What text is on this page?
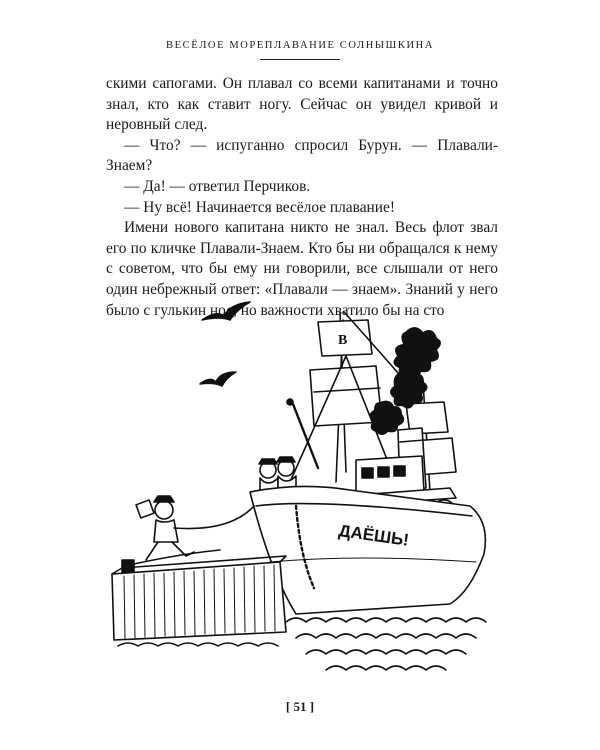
ВЕСЁЛОЕ МОРЕПЛАВАНИЕ СОЛНЫШКИНА

скими сапогами. Он плавал со всеми капитанами и точно знал, кто как ставит ногу. Сейчас он увидел кривой и неровный след.

— Что? — испуганно спросил Бурун. — Плавали-Знаем?

— Да! — ответил Перчиков.

— Ну всё! Начинается весёлое плавание!

Имени нового капитана никто не знал. Весь флот звал его по кличке Плавали-Знаем. Кто бы ни обращался к нему с советом, что бы ему ни говорили, все слышали от него один небрежный ответ: «Плавали — знаем». Знаний у него было с гулькин нос, но важности хватило бы на сто

В
ДАЁШЬ!
[ 51 ]
